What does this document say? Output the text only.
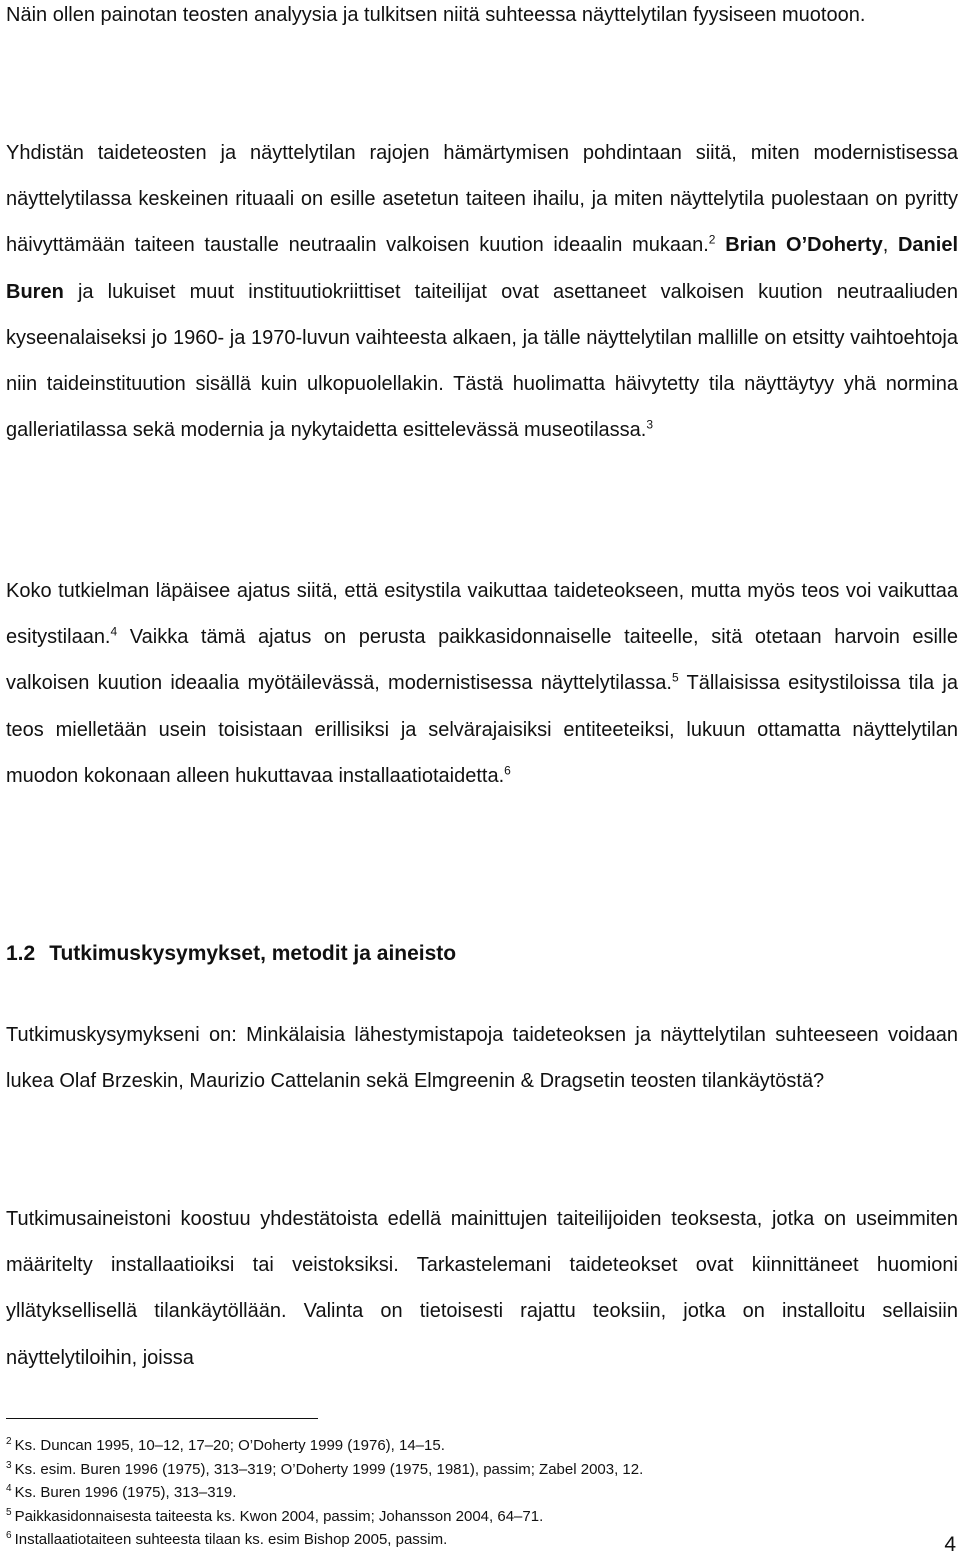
Näin ollen painotan teosten analyysia ja tulkitsen niitä suhteessa näyttelytilan fyysiseen muotoon.

Yhdistän taideteosten ja näyttelytilan rajojen hämärtymisen pohdintaan siitä, miten modernistisessa näyttelytilassa keskeinen rituaali on esille asetetun taiteen ihailu, ja miten näyttelytila puolestaan on pyritty häivyttämään taiteen taustalle neutraalin valkoisen kuution ideaalin mukaan.$^2$ Brian O’Doherty, Daniel Buren ja lukuiset muut instituutiokriittiset taiteilijat ovat asettaneet valkoisen kuution neutraaliuden kyseenalaiseksi jo 1960- ja 1970-luvun vaihteesta alkaen, ja tälle näyttelytilan mallille on etsitty vaihtoehtoja niin taideinstituution sisällä kuin ulkopuolellakin. Tästä huolimatta häivytetty tila näyttäytyy yhä normina galleriatilassa sekä modernia ja nykytaidetta esittelevässä museotilassa.$^3$

Koko tutkielman läpäisee ajatus siitä, että esitystila vaikuttaa taideteokseen, mutta myös teos voi vaikuttaa esitystilaan.$^4$ Vaikka tämä ajatus on perusta paikkasidonnaiselle taiteelle, sitä otetaan harvoin esille valkoisen kuution ideaalia myötäilevässä, modernistisessa näyttelytilassa.$^5$ Tällaisissa esitystiloissa tila ja teos mielletään usein toisistaan erillisiksi ja selvärajaisiksi entiteeteiksi, lukuun ottamatta näyttelytilan muodon kokonaan alleen hukuttavaa installaatiotaidetta.$^6$

1.2 Tutkimuskysymykset, metodit ja aineisto

Tutkimuskysymykseni on: Minkälaisia lähestymistapoja taideteoksen ja näyttelytilan suhteeseen voidaan lukea Olaf Brzeskin, Maurizio Cattelanin sekä Elmgreenin & Dragsetin teosten tilankäytöstä?

Tutkimusaineistoni koostuu yhdestätoista edellä mainittujen taiteilijoiden teoksesta, jotka on useimmiten määritelty installaatioiksi tai veistoksiksi. Tarkastelemani taideteokset ovat kiinnittäneet huomioni yllätyksellisellä tilankäytöllään. Valinta on tietoisesti rajattu teoksiin, jotka on installoitu sellaisiin näyttelytiloihin, joissa

$^2$ Ks. Duncan 1995, 10–12, 17–20; O’Doherty 1999 (1976), 14–15.
$^3$ Ks. esim. Buren 1996 (1975), 313–319; O’Doherty 1999 (1975, 1981), passim; Zabel 2003, 12.
$^4$ Ks. Buren 1996 (1975), 313–319.
$^5$ Paikkasidonnaisesta taiteesta ks. Kwon 2004, passim; Johansson 2004, 64–71.
$^6$ Installaatiotaiteen suhteesta tilaan ks. esim Bishop 2005, passim.	4
